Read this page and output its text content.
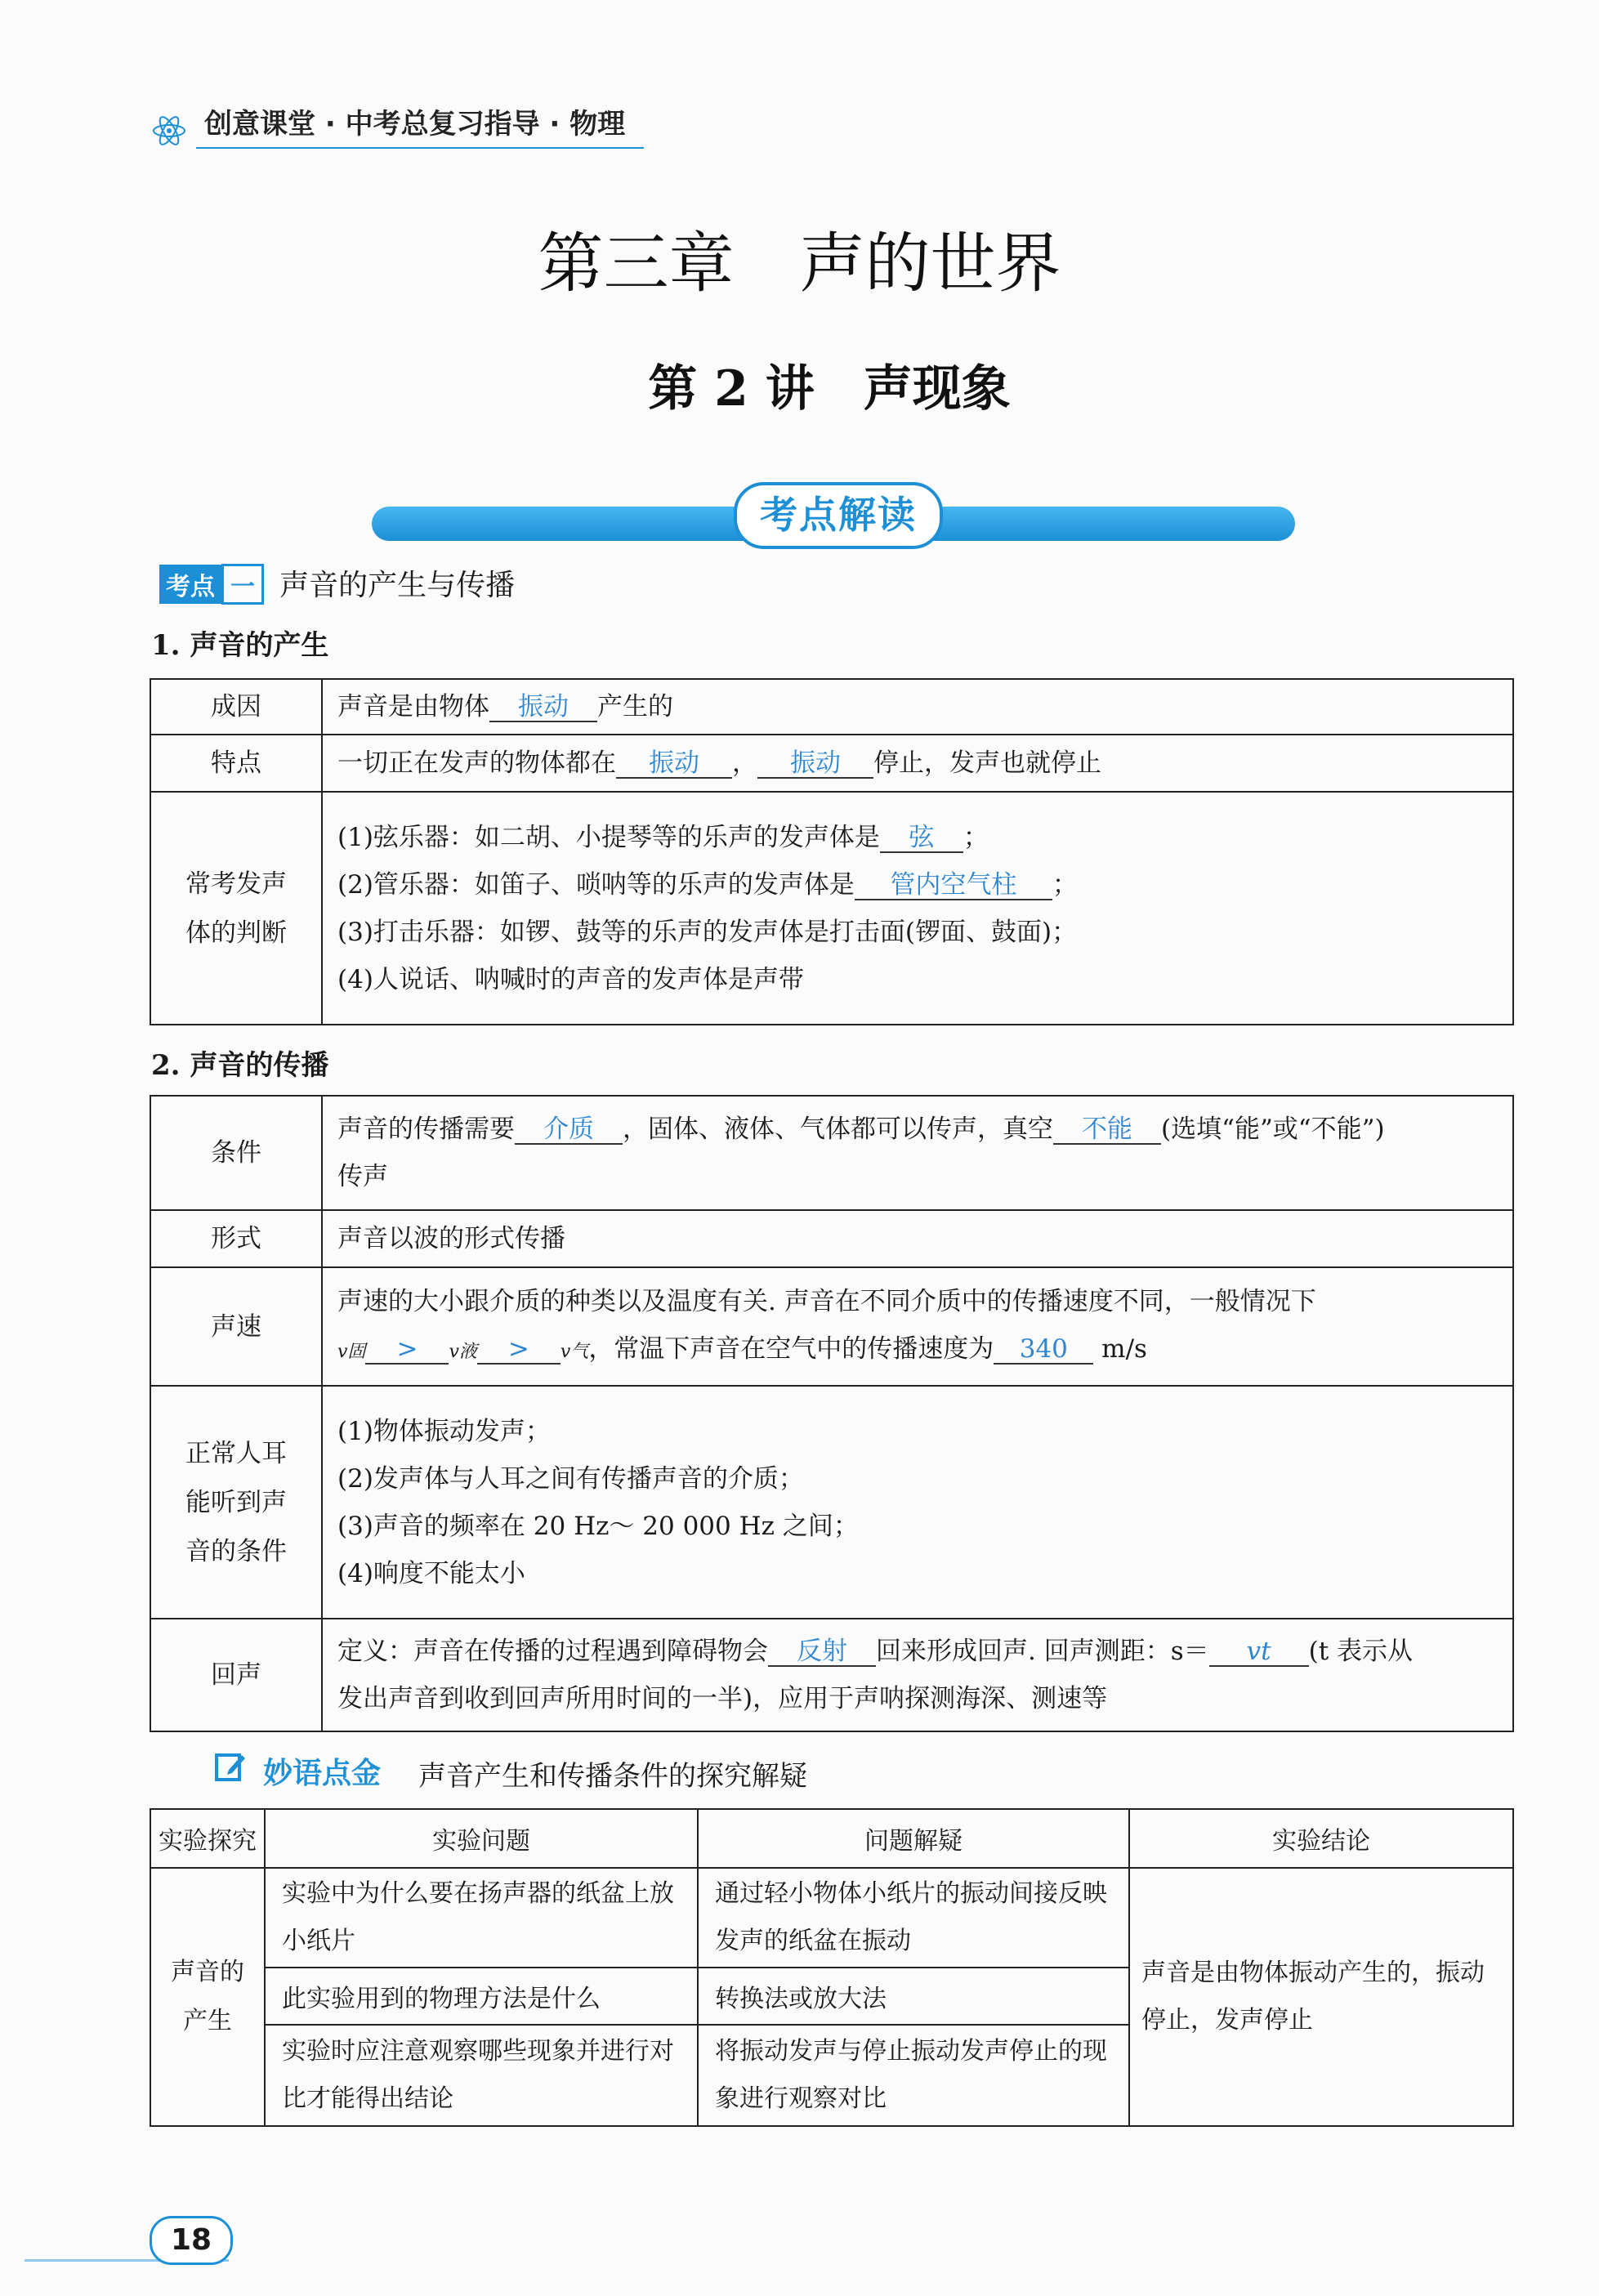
创意课堂 · 中考总复习指导 · 物理
第三章　声的世界
第 2 讲　声现象
考点解读
考点 一 声音的产生与传播
1. 声音的产生
成因	声音是由物体 振动 产生的
特点	一切正在发声的物体都在 振动 ， 振动 停止，发声也就停止
常考发声体的判断	(1)弦乐器：如二胡、小提琴等的乐声的发声体是 弦 ；
(2)管乐器：如笛子、唢呐等的乐声的发声体是 管内空气柱 ；
(3)打击乐器：如锣、鼓等的乐声的发声体是打击面(锣面、鼓面)；
(4)人说话、呐喊时的声音的发声体是声带
2. 声音的传播
条件	声音的传播需要 介质 ，固体、液体、气体都可以传声，真空 不能 (选填“能”或“不能”)
传声

形式	声音以波的形式传播
声速	声速的大小跟介质的种类以及温度有关. 声音在不同介质中的传播速度不同，一般情况下
v固 > v液 > v气，常温下声音在空气中的传播速度为 340 m/s

正常人耳能听到声音的条件	(1)物体振动发声；
(2)发声体与人耳之间有传播声音的介质；
(3)声音的频率在 20 Hz～ 20 000 Hz 之间；
(4)响度不能太小

回声	定义：声音在传播的过程遇到障碍物会 反射 回来形成回声. 回声测距：s＝ vt (t 表示从
发出声音到收到回声所用时间的一半)，应用于声呐探测海深、测速等
妙语点金 声音产生和传播条件的探究解疑
实验探究	实验问题	问题解疑	实验结论
声音的产生	实验中为什么要在扬声器的纸盆上放小纸片	通过轻小物体小纸片的振动间接反映发声的纸盆在振动	声音是由物体振动产生的，振动停止，发声停止
	此实验用到的物理方法是什么	转换法或放大法	
	实验时应注意观察哪些现象并进行对比才能得出结论	将振动发声与停止振动发声停止的现象进行观察对比	
18
